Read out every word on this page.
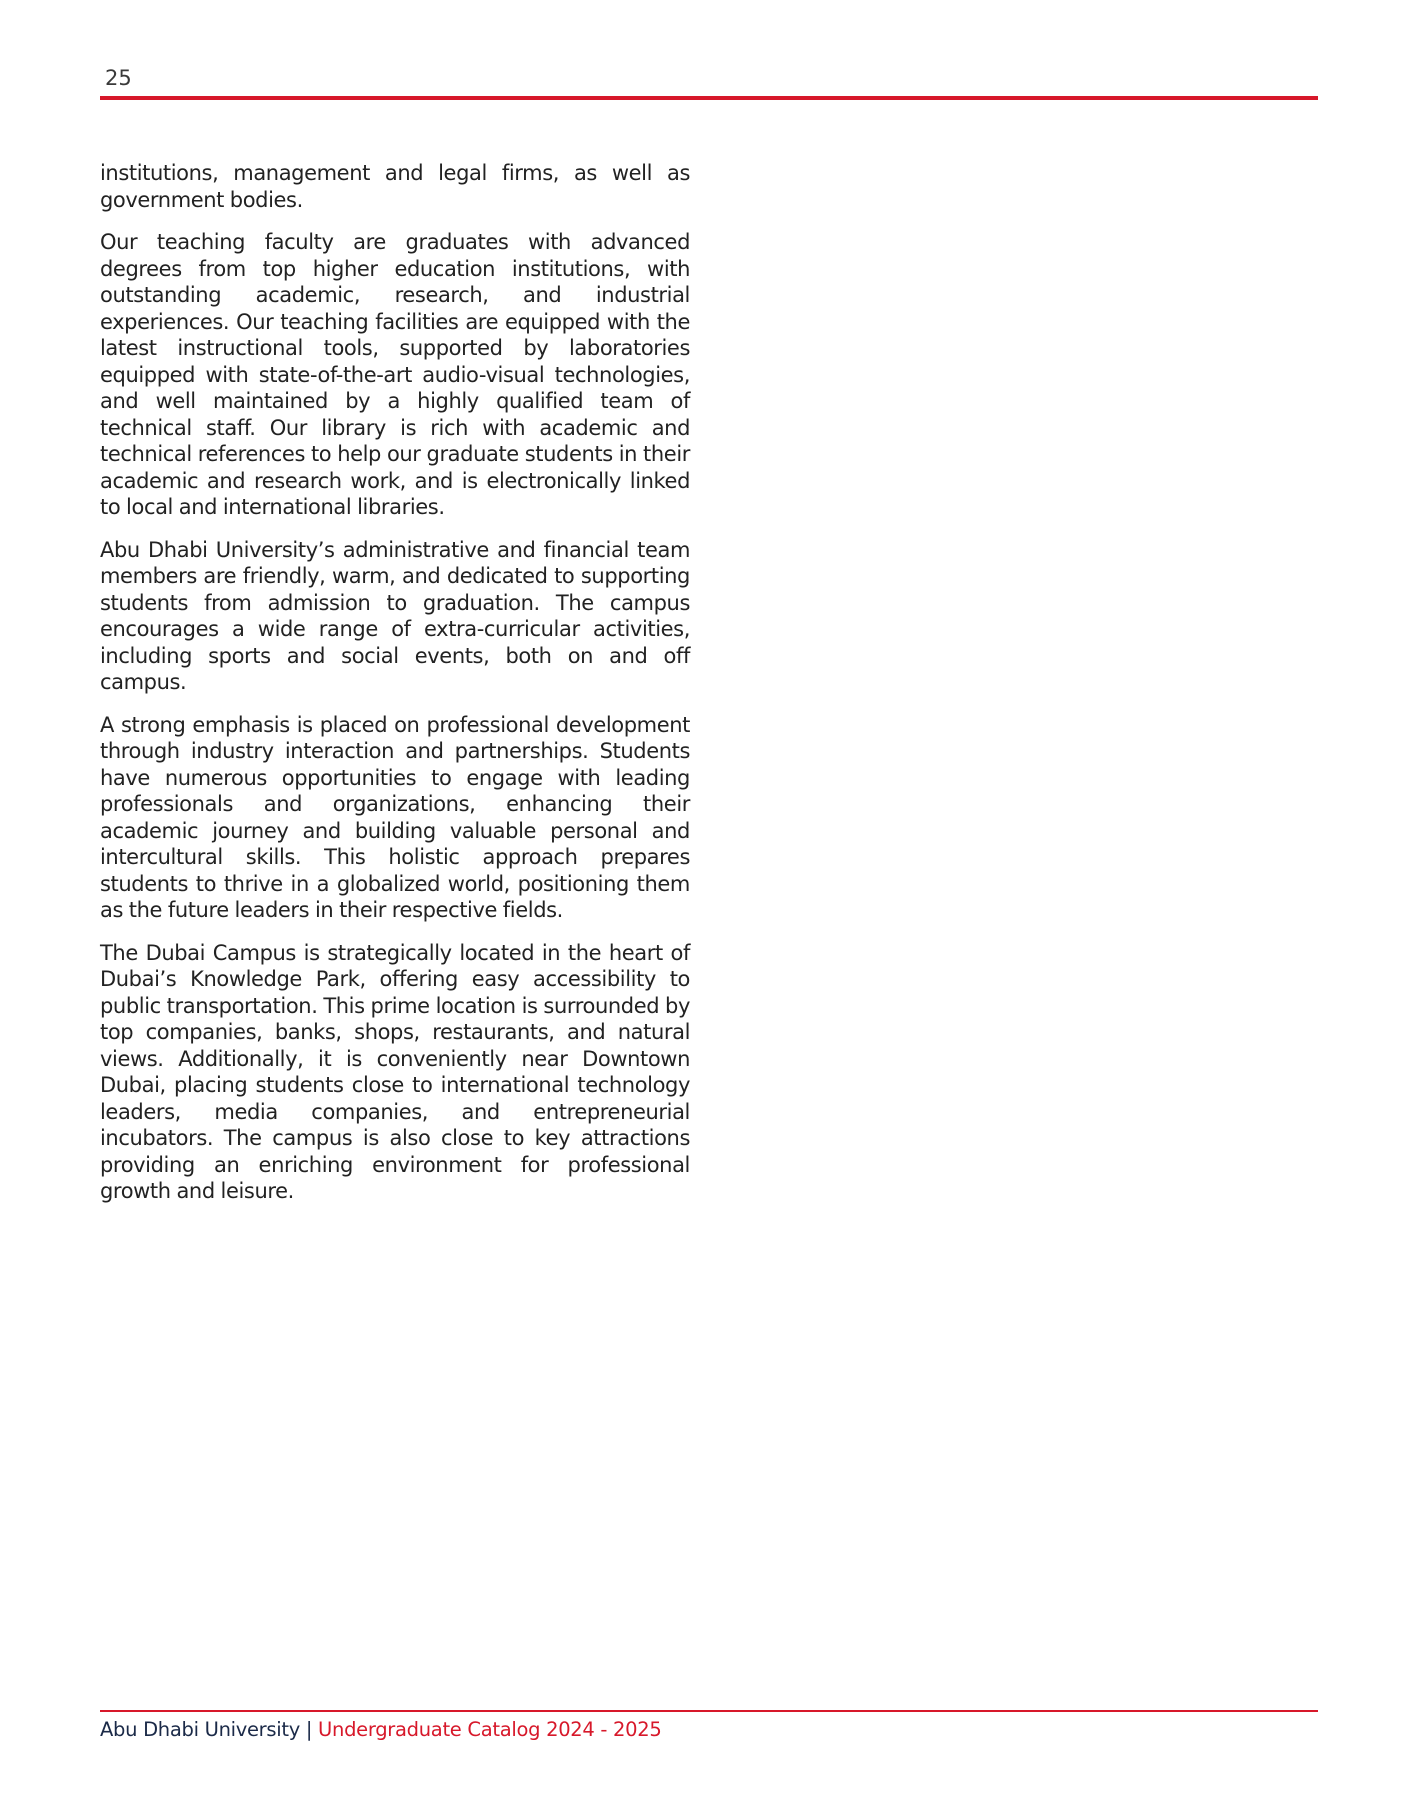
25

institutions, management and legal firms, as well as government bodies.

Our teaching faculty are graduates with advanced degrees from top higher education institutions, with outstanding academic, research, and industrial experiences. Our teaching facilities are equipped with the latest instructional tools, supported by laboratories equipped with state-of-the-art audio-visual technologies, and well maintained by a highly qualified team of technical staff. Our library is rich with academic and technical references to help our graduate students in their academic and research work, and is electronically linked to local and international libraries.

Abu Dhabi University’s administrative and financial team members are friendly, warm, and dedicated to supporting students from admission to graduation. The campus encourages a wide range of extra-curricular activities, including sports and social events, both on and off campus.

A strong emphasis is placed on professional development through industry interaction and partnerships. Students have numerous opportunities to engage with leading professionals and organizations, enhancing their academic journey and building valuable personal and intercultural skills. This holistic approach prepares students to thrive in a globalized world, positioning them as the future leaders in their respective fields.

The Dubai Campus is strategically located in the heart of Dubai’s Knowledge Park, offering easy accessibility to public transportation. This prime location is surrounded by top companies, banks, shops, restaurants, and natural views. Additionally, it is conveniently near Downtown Dubai, placing students close to international technology leaders, media companies, and entrepreneurial incubators. The campus is also close to key attractions providing an enriching environment for professional growth and leisure.

Abu Dhabi University | Undergraduate Catalog 2024 - 2025
